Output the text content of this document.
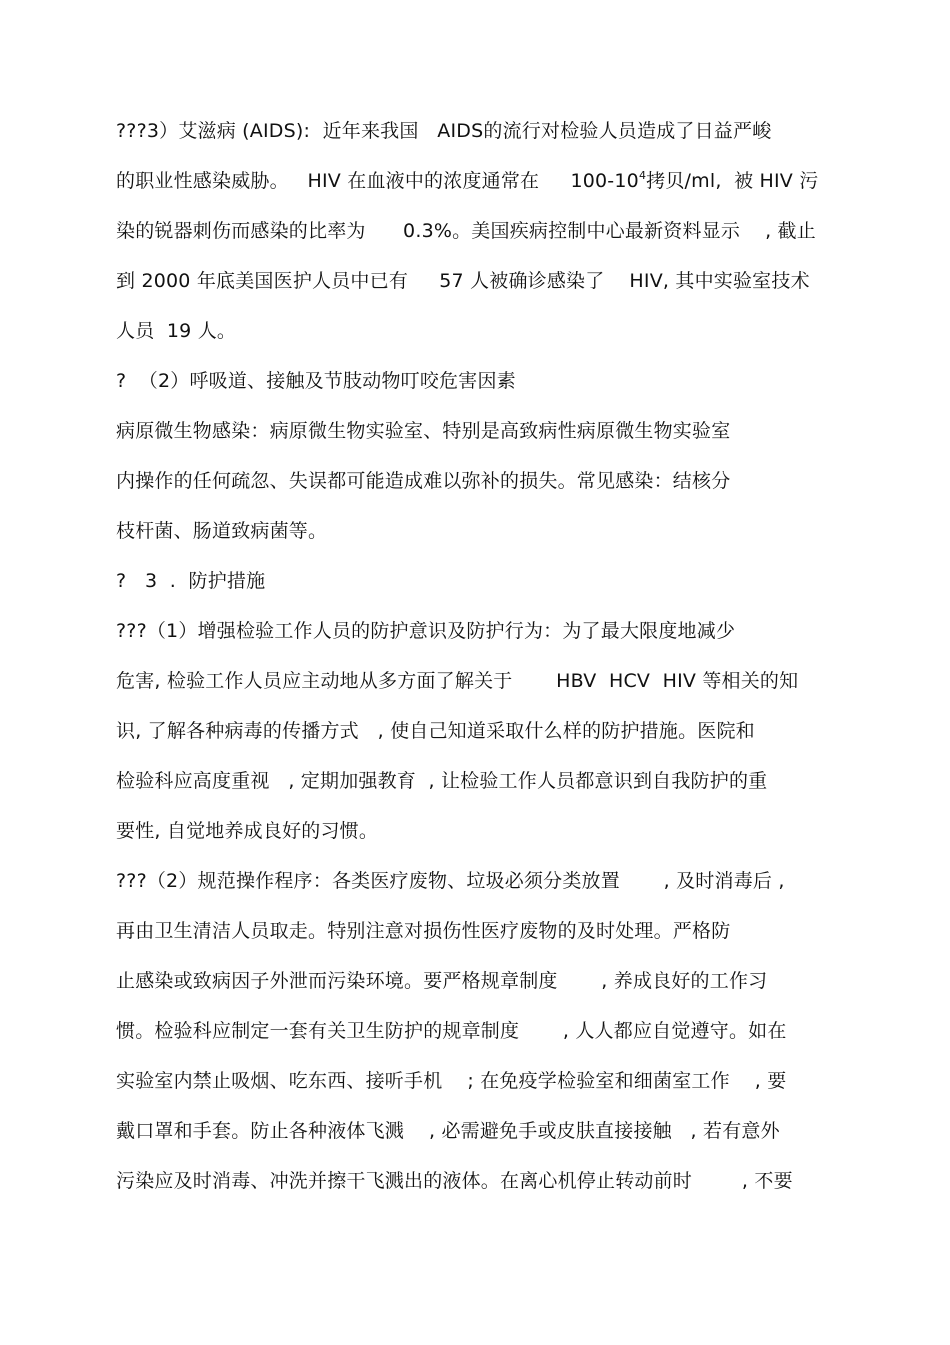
???3）艾滋病 (AIDS):  近年来我国   AIDS的流行对检验人员造成了日益严峻
的职业性感染威胁。   HIV 在血液中的浓度通常在     $100-10^4$拷贝/ml,  被 HIV 污
染的锐器刺伤而感染的比率为      0.3%。美国疾病控制中心最新资料显示    , 截止
到 2000 年底美国医护人员中已有     57 人被确诊感染了    HIV, 其中实验室技术
人员  19 人。
?  （2）呼吸道、接触及节肢动物叮咬危害因素
病原微生物感染：病原微生物实验室、特别是高致病性病原微生物实验室
内操作的任何疏忽、失误都可能造成难以弥补的损失。常见感染：结核分
枝杆菌、肠道致病菌等。
?   3  .  防护措施
???（1）增强检验工作人员的防护意识及防护行为：为了最大限度地减少
危害, 检验工作人员应主动地从多方面了解关于       HBV  HCV  HIV 等相关的知
识, 了解各种病毒的传播方式   , 使自己知道采取什么样的防护措施。医院和
检验科应高度重视   , 定期加强教育  , 让检验工作人员都意识到自我防护的重
要性, 自觉地养成良好的习惯。
???（2）规范操作程序：各类医疗废物、垃圾必须分类放置       , 及时消毒后 ,
再由卫生清洁人员取走。特别注意对损伤性医疗废物的及时处理。严格防
止感染或致病因子外泄而污染环境。要严格规章制度       , 养成良好的工作习
惯。检验科应制定一套有关卫生防护的规章制度       , 人人都应自觉遵守。如在
实验室内禁止吸烟、吃东西、接听手机    ; 在免疫学检验室和细菌室工作    , 要
戴口罩和手套。防止各种液体飞溅    , 必需避免手或皮肤直接接触   , 若有意外
污染应及时消毒、冲洗并擦干飞溅出的液体。在离心机停止转动前时        , 不要
